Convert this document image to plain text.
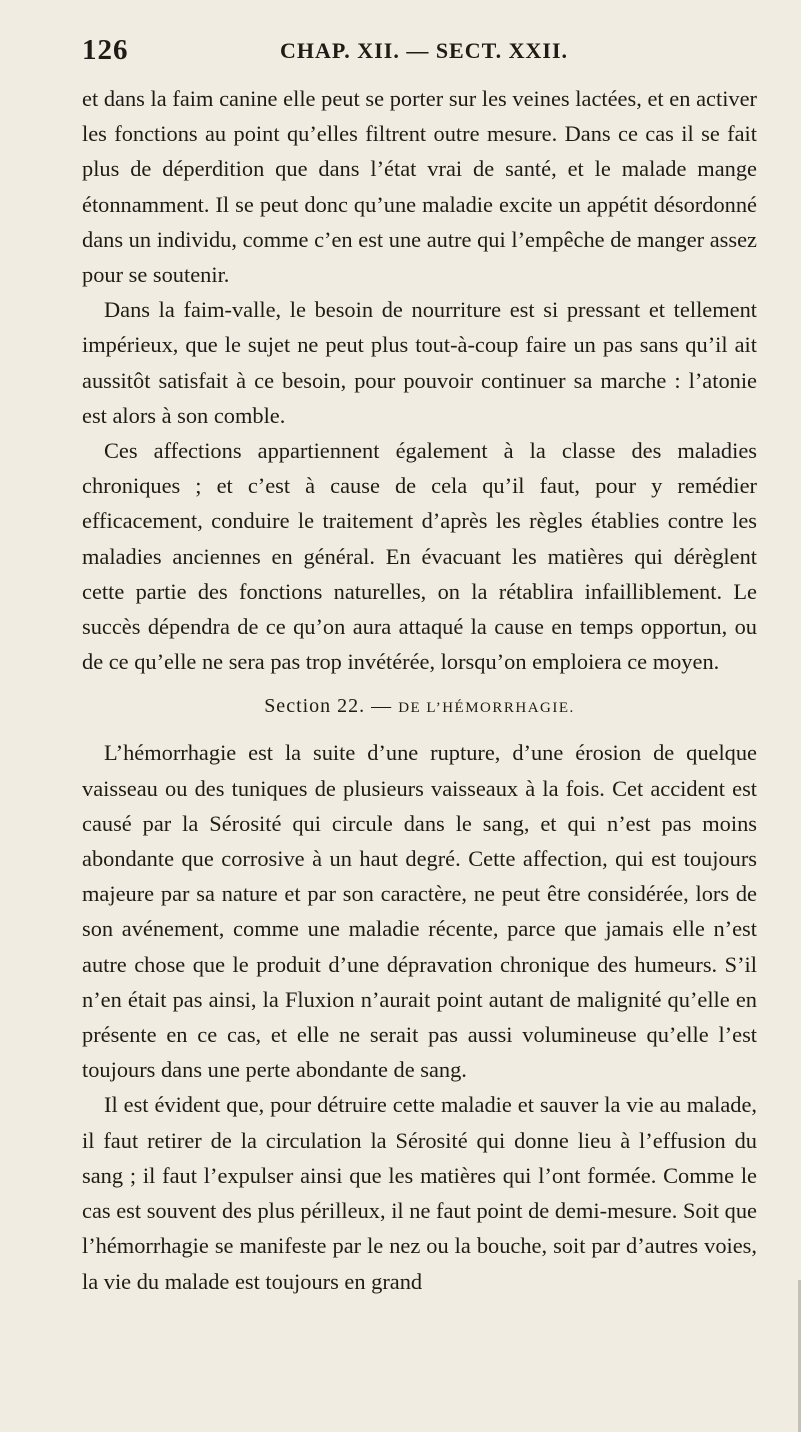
126	CHAP. XII. — SECT. XXII.

et dans la faim canine elle peut se porter sur les veines lactées, et en activer les fonctions au point qu’elles filtrent outre mesure. Dans ce cas il se fait plus de déperdition que dans l’état vrai de santé, et le malade mange étonnamment. Il se peut donc qu’une maladie excite un appétit désordonné dans un individu, comme c’en est une autre qui l’empêche de manger assez pour se soutenir.

Dans la faim-valle, le besoin de nourriture est si pressant et tellement impérieux, que le sujet ne peut plus tout-à-coup faire un pas sans qu’il ait aussitôt satisfait à ce besoin, pour pouvoir continuer sa marche : l’atonie est alors à son comble.

Ces affections appartiennent également à la classe des maladies chroniques ; et c’est à cause de cela qu’il faut, pour y remédier efficacement, conduire le traitement d’après les règles établies contre les maladies anciennes en général. En évacuant les matières qui dérèglent cette partie des fonctions naturelles, on la rétablira infailliblement. Le succès dépendra de ce qu’on aura attaqué la cause en temps opportun, ou de ce qu’elle ne sera pas trop invétérée, lorsqu’on emploiera ce moyen.

Section 22. — DE L’HÉMORRHAGIE.

L’hémorrhagie est la suite d’une rupture, d’une érosion de quelque vaisseau ou des tuniques de plusieurs vaisseaux à la fois. Cet accident est causé par la Sérosité qui circule dans le sang, et qui n’est pas moins abondante que corrosive à un haut degré. Cette affection, qui est toujours majeure par sa nature et par son caractère, ne peut être considérée, lors de son avénement, comme une maladie récente, parce que jamais elle n’est autre chose que le produit d’une dépravation chronique des humeurs. S’il n’en était pas ainsi, la Fluxion n’aurait point autant de malignité qu’elle en présente en ce cas, et elle ne serait pas aussi volumineuse qu’elle l’est toujours dans une perte abondante de sang.

Il est évident que, pour détruire cette maladie et sauver la vie au malade, il faut retirer de la circulation la Sérosité qui donne lieu à l’effusion du sang ; il faut l’expulser ainsi que les matières qui l’ont formée. Comme le cas est souvent des plus périlleux, il ne faut point de demi-mesure. Soit que l’hémorrhagie se manifeste par le nez ou la bouche, soit par d’autres voies, la vie du malade est toujours en grand
